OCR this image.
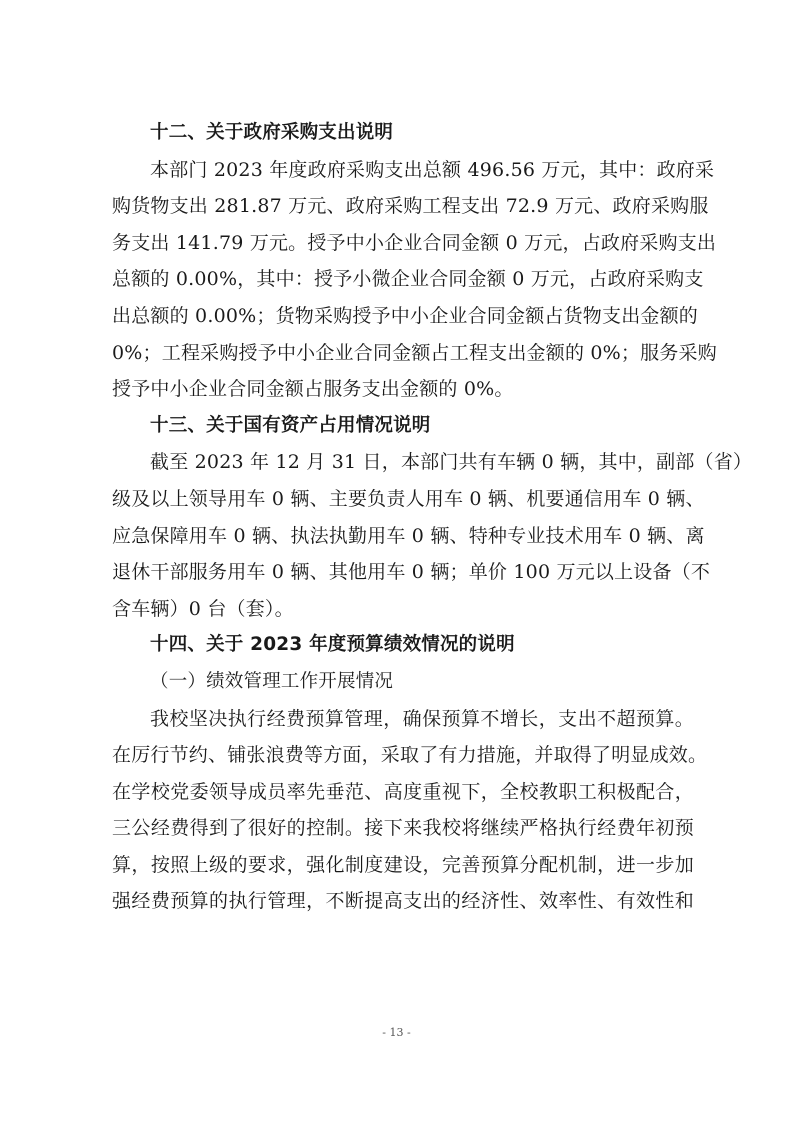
十二、关于政府采购支出说明
本部门 2023 年度政府采购支出总额 496.56 万元，其中：政府采
购货物支出 281.87 万元、政府采购工程支出 72.9 万元、政府采购服
务支出 141.79 万元。授予中小企业合同金额 0 万元，占政府采购支出
总额的 0.00%，其中：授予小微企业合同金额 0 万元，占政府采购支
出总额的 0.00%；货物采购授予中小企业合同金额占货物支出金额的
0%；工程采购授予中小企业合同金额占工程支出金额的 0%；服务采购
授予中小企业合同金额占服务支出金额的 0%。
十三、关于国有资产占用情况说明
截至 2023 年 12 月 31 日，本部门共有车辆 0 辆，其中，副部（省）
级及以上领导用车 0 辆、主要负责人用车 0 辆、机要通信用车 0 辆、
应急保障用车 0 辆、执法执勤用车 0 辆、特种专业技术用车 0 辆、离
退休干部服务用车 0 辆、其他用车 0 辆；单价 100 万元以上设备（不
含车辆）0 台（套）。
十四、关于 2023 年度预算绩效情况的说明
（一）绩效管理工作开展情况
我校坚决执行经费预算管理，确保预算不增长，支出不超预算。
在厉行节约、铺张浪费等方面，采取了有力措施，并取得了明显成效。
在学校党委领导成员率先垂范、高度重视下，全校教职工积极配合，
三公经费得到了很好的控制。接下来我校将继续严格执行经费年初预
算，按照上级的要求，强化制度建设，完善预算分配机制，进一步加
强经费预算的执行管理，不断提高支出的经济性、效率性、有效性和
- 13 -
